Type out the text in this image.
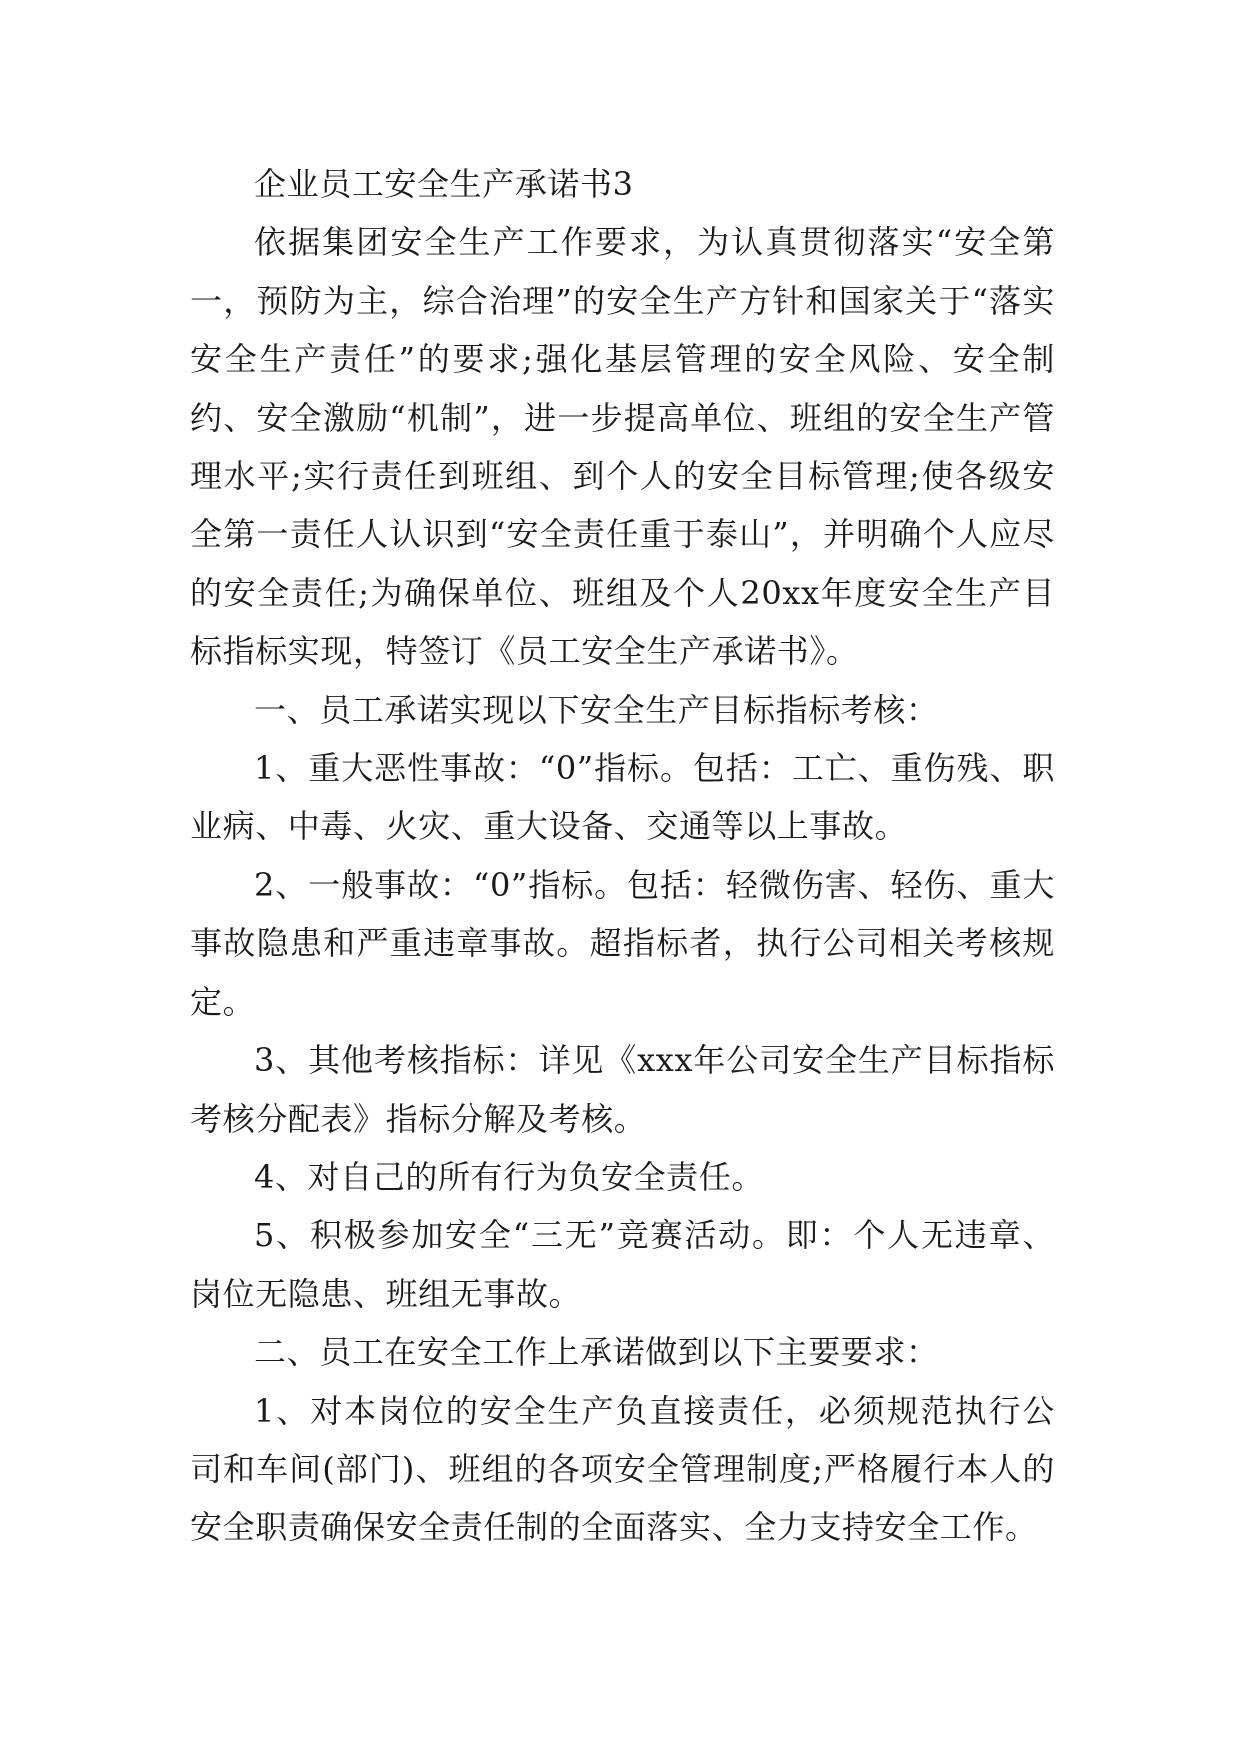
企业员工安全生产承诺书3

依据集团安全生产工作要求，为认真贯彻落实“安全第一，预防为主，综合治理”的安全生产方针和国家关于“落实安全生产责任”的要求;强化基层管理的安全风险、安全制约、安全激励“机制”，进一步提高单位、班组的安全生产管理水平;实行责任到班组、到个人的安全目标管理;使各级安全第一责任人认识到“安全责任重于泰山”，并明确个人应尽的安全责任;为确保单位、班组及个人20xx年度安全生产目标指标实现，特签订《员工安全生产承诺书》。

一、员工承诺实现以下安全生产目标指标考核：

1、重大恶性事故：“0”指标。包括：工亡、重伤残、职业病、中毒、火灾、重大设备、交通等以上事故。

2、一般事故：“0”指标。包括：轻微伤害、轻伤、重大事故隐患和严重违章事故。超指标者，执行公司相关考核规定。

3、其他考核指标：详见《xxx年公司安全生产目标指标考核分配表》指标分解及考核。

4、对自己的所有行为负安全责任。

5、积极参加安全“三无”竞赛活动。即：个人无违章、岗位无隐患、班组无事故。

二、员工在安全工作上承诺做到以下主要要求：

1、对本岗位的安全生产负直接责任，必须规范执行公司和车间(部门)、班组的各项安全管理制度;严格履行本人的安全职责确保安全责任制的全面落实、全力支持安全工作。
